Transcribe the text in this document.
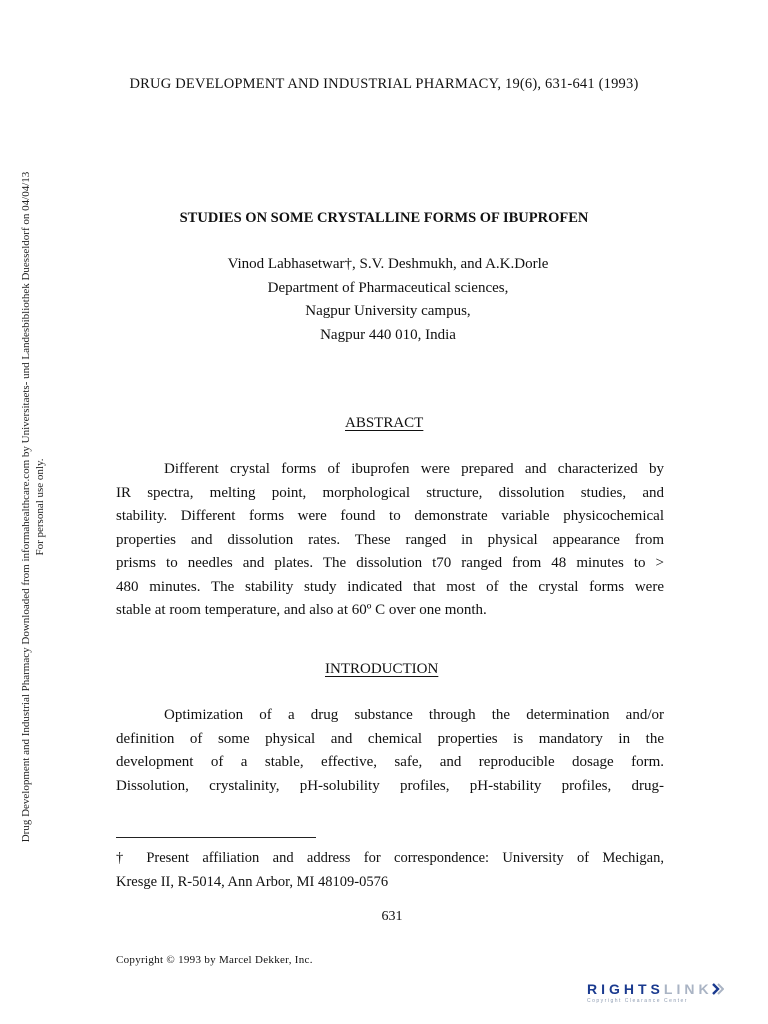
DRUG DEVELOPMENT AND INDUSTRIAL PHARMACY, 19(6), 631-641 (1993)
Drug Development and Industrial Pharmacy Downloaded from informahealthcare.com by Universitaets- und Landesbibliothek Duesseldorf on 04/04/13 For personal use only.
STUDIES ON SOME CRYSTALLINE FORMS OF IBUPROFEN
Vinod Labhasetwar†, S.V. Deshmukh, and A.K.Dorle
Department of Pharmaceutical sciences,
Nagpur University campus,
Nagpur 440 010, India
ABSTRACT
Different crystal forms of ibuprofen were prepared and characterized by
IR spectra, melting point, morphological structure, dissolution studies, and
stability. Different forms were found to demonstrate variable physicochemical
properties and dissolution rates. These ranged in physical appearance from
prisms to needles and plates. The dissolution t70 ranged from 48 minutes to >
480 minutes. The stability study indicated that most of the crystal forms were
stable at room temperature, and also at 60º C over one month.
INTRODUCTION
Optimization of a drug substance through the determination and/or
definition of some physical and chemical properties is mandatory in the
development of a stable, effective, safe, and reproducible dosage form.
Dissolution, crystalinity, pH-solubility profiles, pH-stability profiles, drug-
† Present affiliation and address for correspondence: University of Mechigan,
Kresge II, R-5014, Ann Arbor, MI 48109-0576
631
Copyright © 1993 by Marcel Dekker, Inc.
RIGHTSLINK
Copyright Clearance Center
